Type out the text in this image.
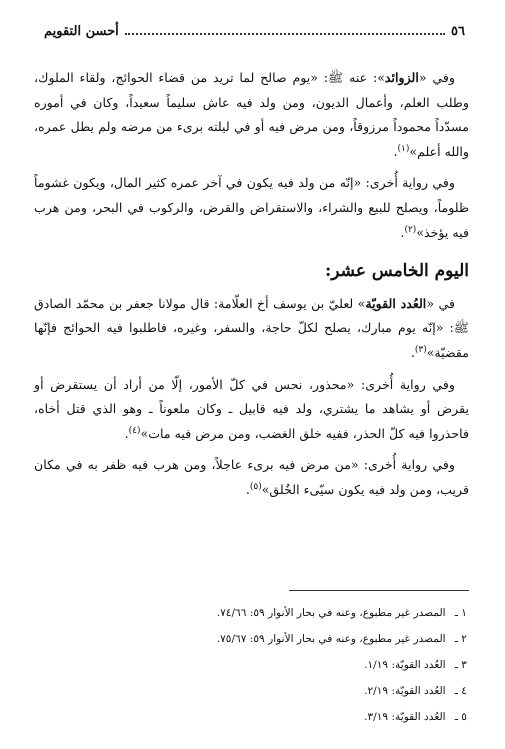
٥٦
أحسن التقويم

وفي «الزوائد»: عنه ﷺ: «يوم صالح لما تريد من قضاء الحوائج، ولقاء الملوك، وطلب العلم، وأعمال الديون، ومن ولد فيه عاش سليماً سعيداً، وكان في أموره مسدّداً محموداً مرزوقاً، ومن مرض فيه أو في ليلته برىء من مرضه ولم يطل عمره، والله أعلم»$^{(١)}$.

وفي رواية أُخرى: «إنّه من ولد فيه يكون في آخر عمره كثير المال، ويكون غشوماً ظلوماً، ويصلح للبيع والشراء، والاستقراض والقرض، والركوب في البحر، ومن هرب فيه يؤخذ»$^{(٢)}$.

اليوم الخامس عشر:

في «العُدد القويّة» لعليّ بن يوسف أخ العلّامة: قال مولانا جعفر بن محمّد الصادق ﷺ: «إنّه يوم مبارك، يصلح لكلّ حاجة، والسفر، وغيره، فاطلبوا فيه الحوائج فإنّها مقضيّة»$^{(٣)}$.

وفي رواية أُخرى: «محذور، نحس في كلّ الأمور، إلّا من أراد أن يستقرض أو يقرض أو يشاهد ما يشتري، ولد فيه قابيل ـ وكان ملعوناً ـ وهو الذي قتل أخاه، فاحذروا فيه كلّ الحذر، ففيه خلق الغضب، ومن مرض فيه مات»$^{(٤)}$.

وفي رواية أُخرى: «من مرض فيه برىء عاجلاً، ومن هرب فيه ظفر به في مكان قريب، ومن ولد فيه يكون سيّىء الخُلق»$^{(٥)}$.

١ ـ المصدر غير مطبوع، وعنه في بحار الأنوار ٥٩: ٧٤/٦٦.
٢ ـ المصدر غير مطبوع، وعنه في بحار الأنوار ٥٩: ٧٥/٦٧.
٣ ـ العُدد القويّة: ١/١٩.
٤ ـ العُدد القويّة: ٢/١٩.
٥ ـ العُدد القويّة: ٣/١٩.
